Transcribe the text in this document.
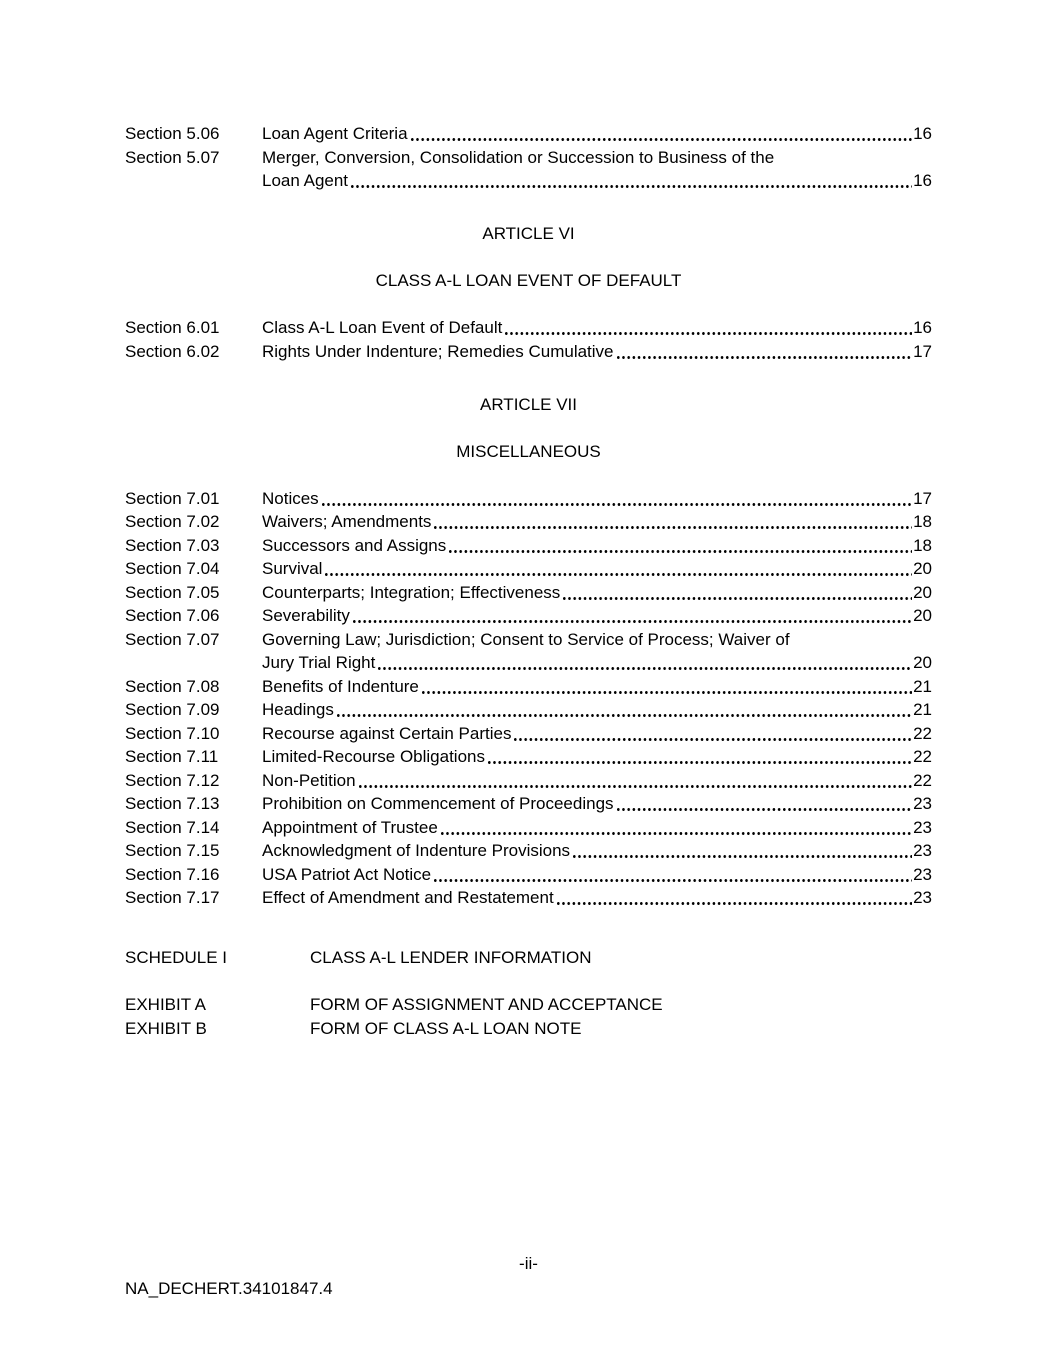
Section 5.06	Loan Agent Criteria	16
Section 5.07	Merger, Conversion, Consolidation or Succession to Business of the
Loan Agent	16
ARTICLE VI
CLASS A-L LOAN EVENT OF DEFAULT
Section 6.01	Class A-L Loan Event of Default	16
Section 6.02	Rights Under Indenture; Remedies Cumulative	17
ARTICLE VII
MISCELLANEOUS
Section 7.01	Notices	17
Section 7.02	Waivers; Amendments	18
Section 7.03	Successors and Assigns	18
Section 7.04	Survival	20
Section 7.05	Counterparts; Integration; Effectiveness	20
Section 7.06	Severability	20
Section 7.07	Governing Law; Jurisdiction; Consent to Service of Process; Waiver of
Jury Trial Right	20
Section 7.08	Benefits of Indenture	21
Section 7.09	Headings	21
Section 7.10	Recourse against Certain Parties	22
Section 7.11	Limited-Recourse Obligations	22
Section 7.12	Non-Petition	22
Section 7.13	Prohibition on Commencement of Proceedings	23
Section 7.14	Appointment of Trustee	23
Section 7.15	Acknowledgment of Indenture Provisions	23
Section 7.16	USA Patriot Act Notice	23
Section 7.17	Effect of Amendment and Restatement	23
SCHEDULE I	CLASS A-L LENDER INFORMATION
EXHIBIT A	FORM OF ASSIGNMENT AND ACCEPTANCE
EXHIBIT B	FORM OF CLASS A-L LOAN NOTE
-ii-
NA_DECHERT.34101847.4
